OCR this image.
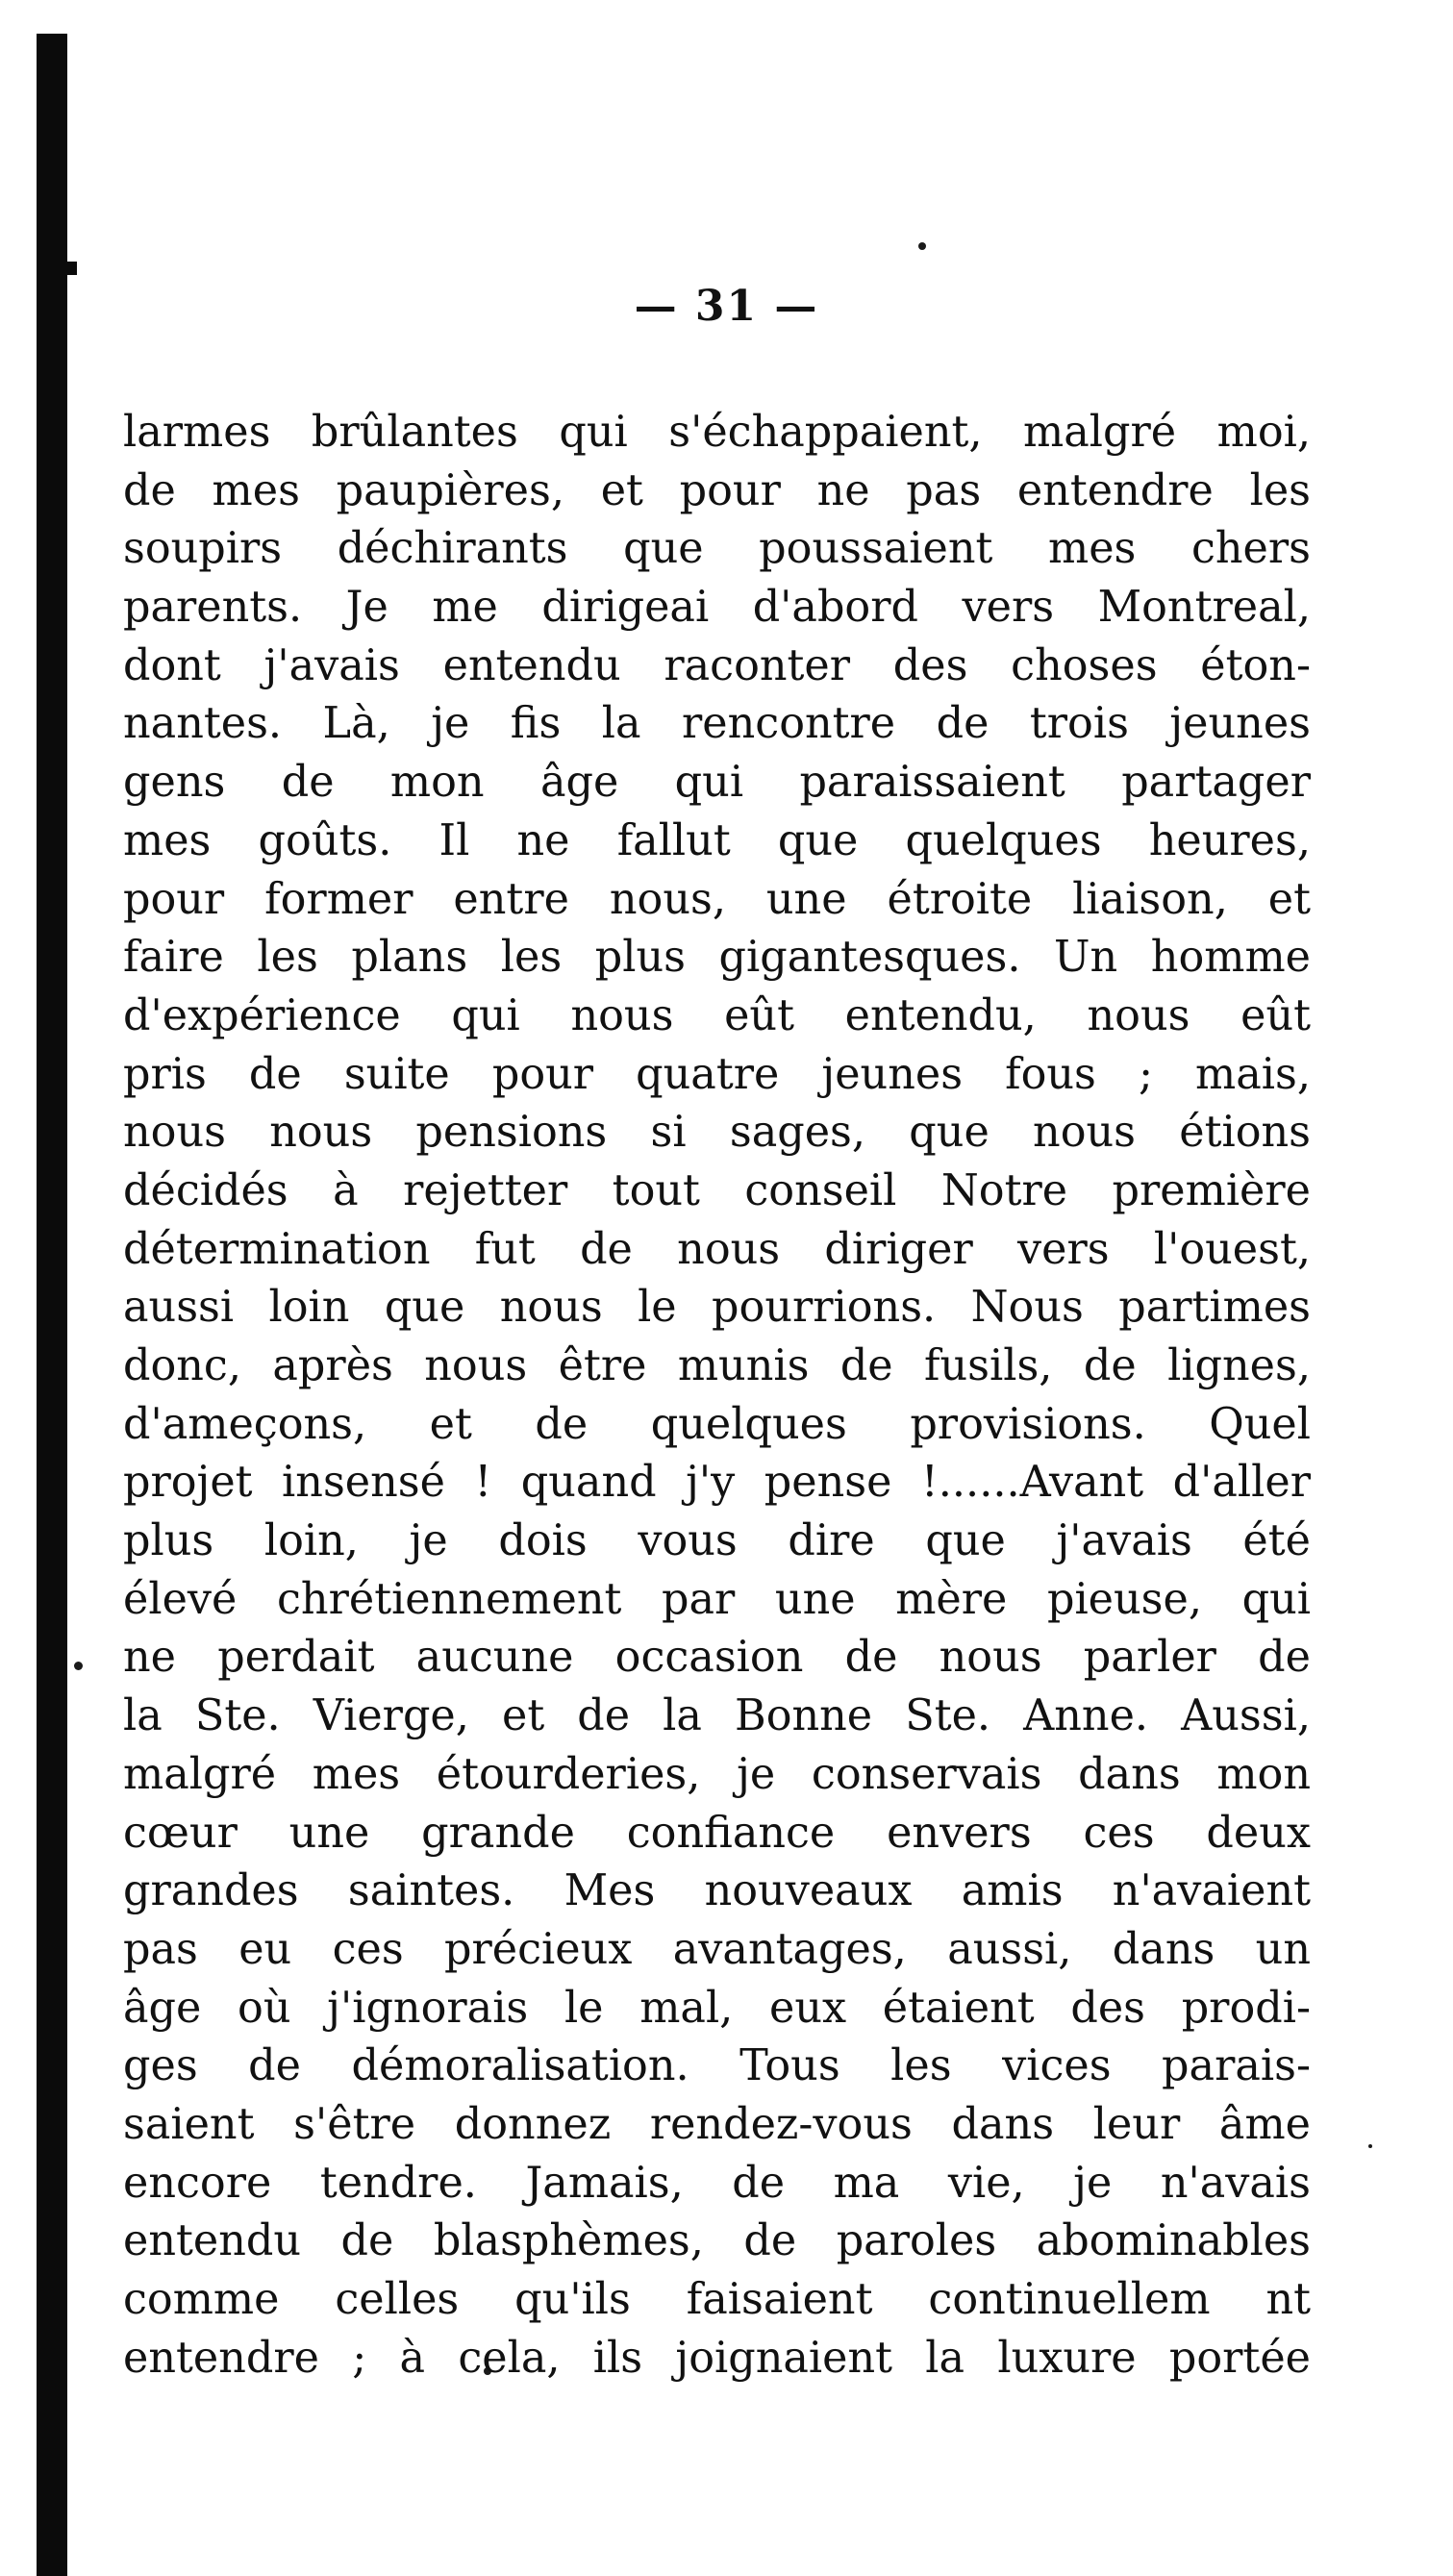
— 31 —
larmes brûlantes qui s'échappaient, malgré moi,
de mes paupières, et pour ne pas entendre les
soupirs déchirants que poussaient mes chers
parents. Je me dirigeai d'abord vers Montreal,
dont j'avais entendu raconter des choses éton-
nantes. Là, je fis la rencontre de trois jeunes
gens de mon âge qui paraissaient partager
mes goûts. Il ne fallut que quelques heures,
pour former entre nous, une étroite liaison, et
faire les plans les plus gigantesques. Un homme
d'expérience qui nous eût entendu, nous eût
pris de suite pour quatre jeunes fous ; mais,
nous nous pensions si sages, que nous étions
décidés à rejetter tout conseil Notre première
détermination fut de nous diriger vers l'ouest,
aussi loin que nous le pourrions. Nous partimes
donc, après nous être munis de fusils, de lignes,
d'ameçons, et de quelques provisions. Quel
projet insensé ! quand j'y pense !......Avant d'aller
plus loin, je dois vous dire que j'avais été
élevé chrétiennement par une mère pieuse, qui
ne perdait aucune occasion de nous parler de
la Ste. Vierge, et de la Bonne Ste. Anne. Aussi,
malgré mes étourderies, je conservais dans mon
cœur une grande confiance envers ces deux
grandes saintes. Mes nouveaux amis n'avaient
pas eu ces précieux avantages, aussi, dans un
âge où j'ignorais le mal, eux étaient des prodi-
ges de démoralisation. Tous les vices parais-
saient s'être donnez rendez-vous dans leur âme
encore tendre. Jamais, de ma vie, je n'avais
entendu de blasphèmes, de paroles abominables
comme celles qu'ils faisaient continuellem nt
entendre ; à cela, ils joignaient la luxure portée
